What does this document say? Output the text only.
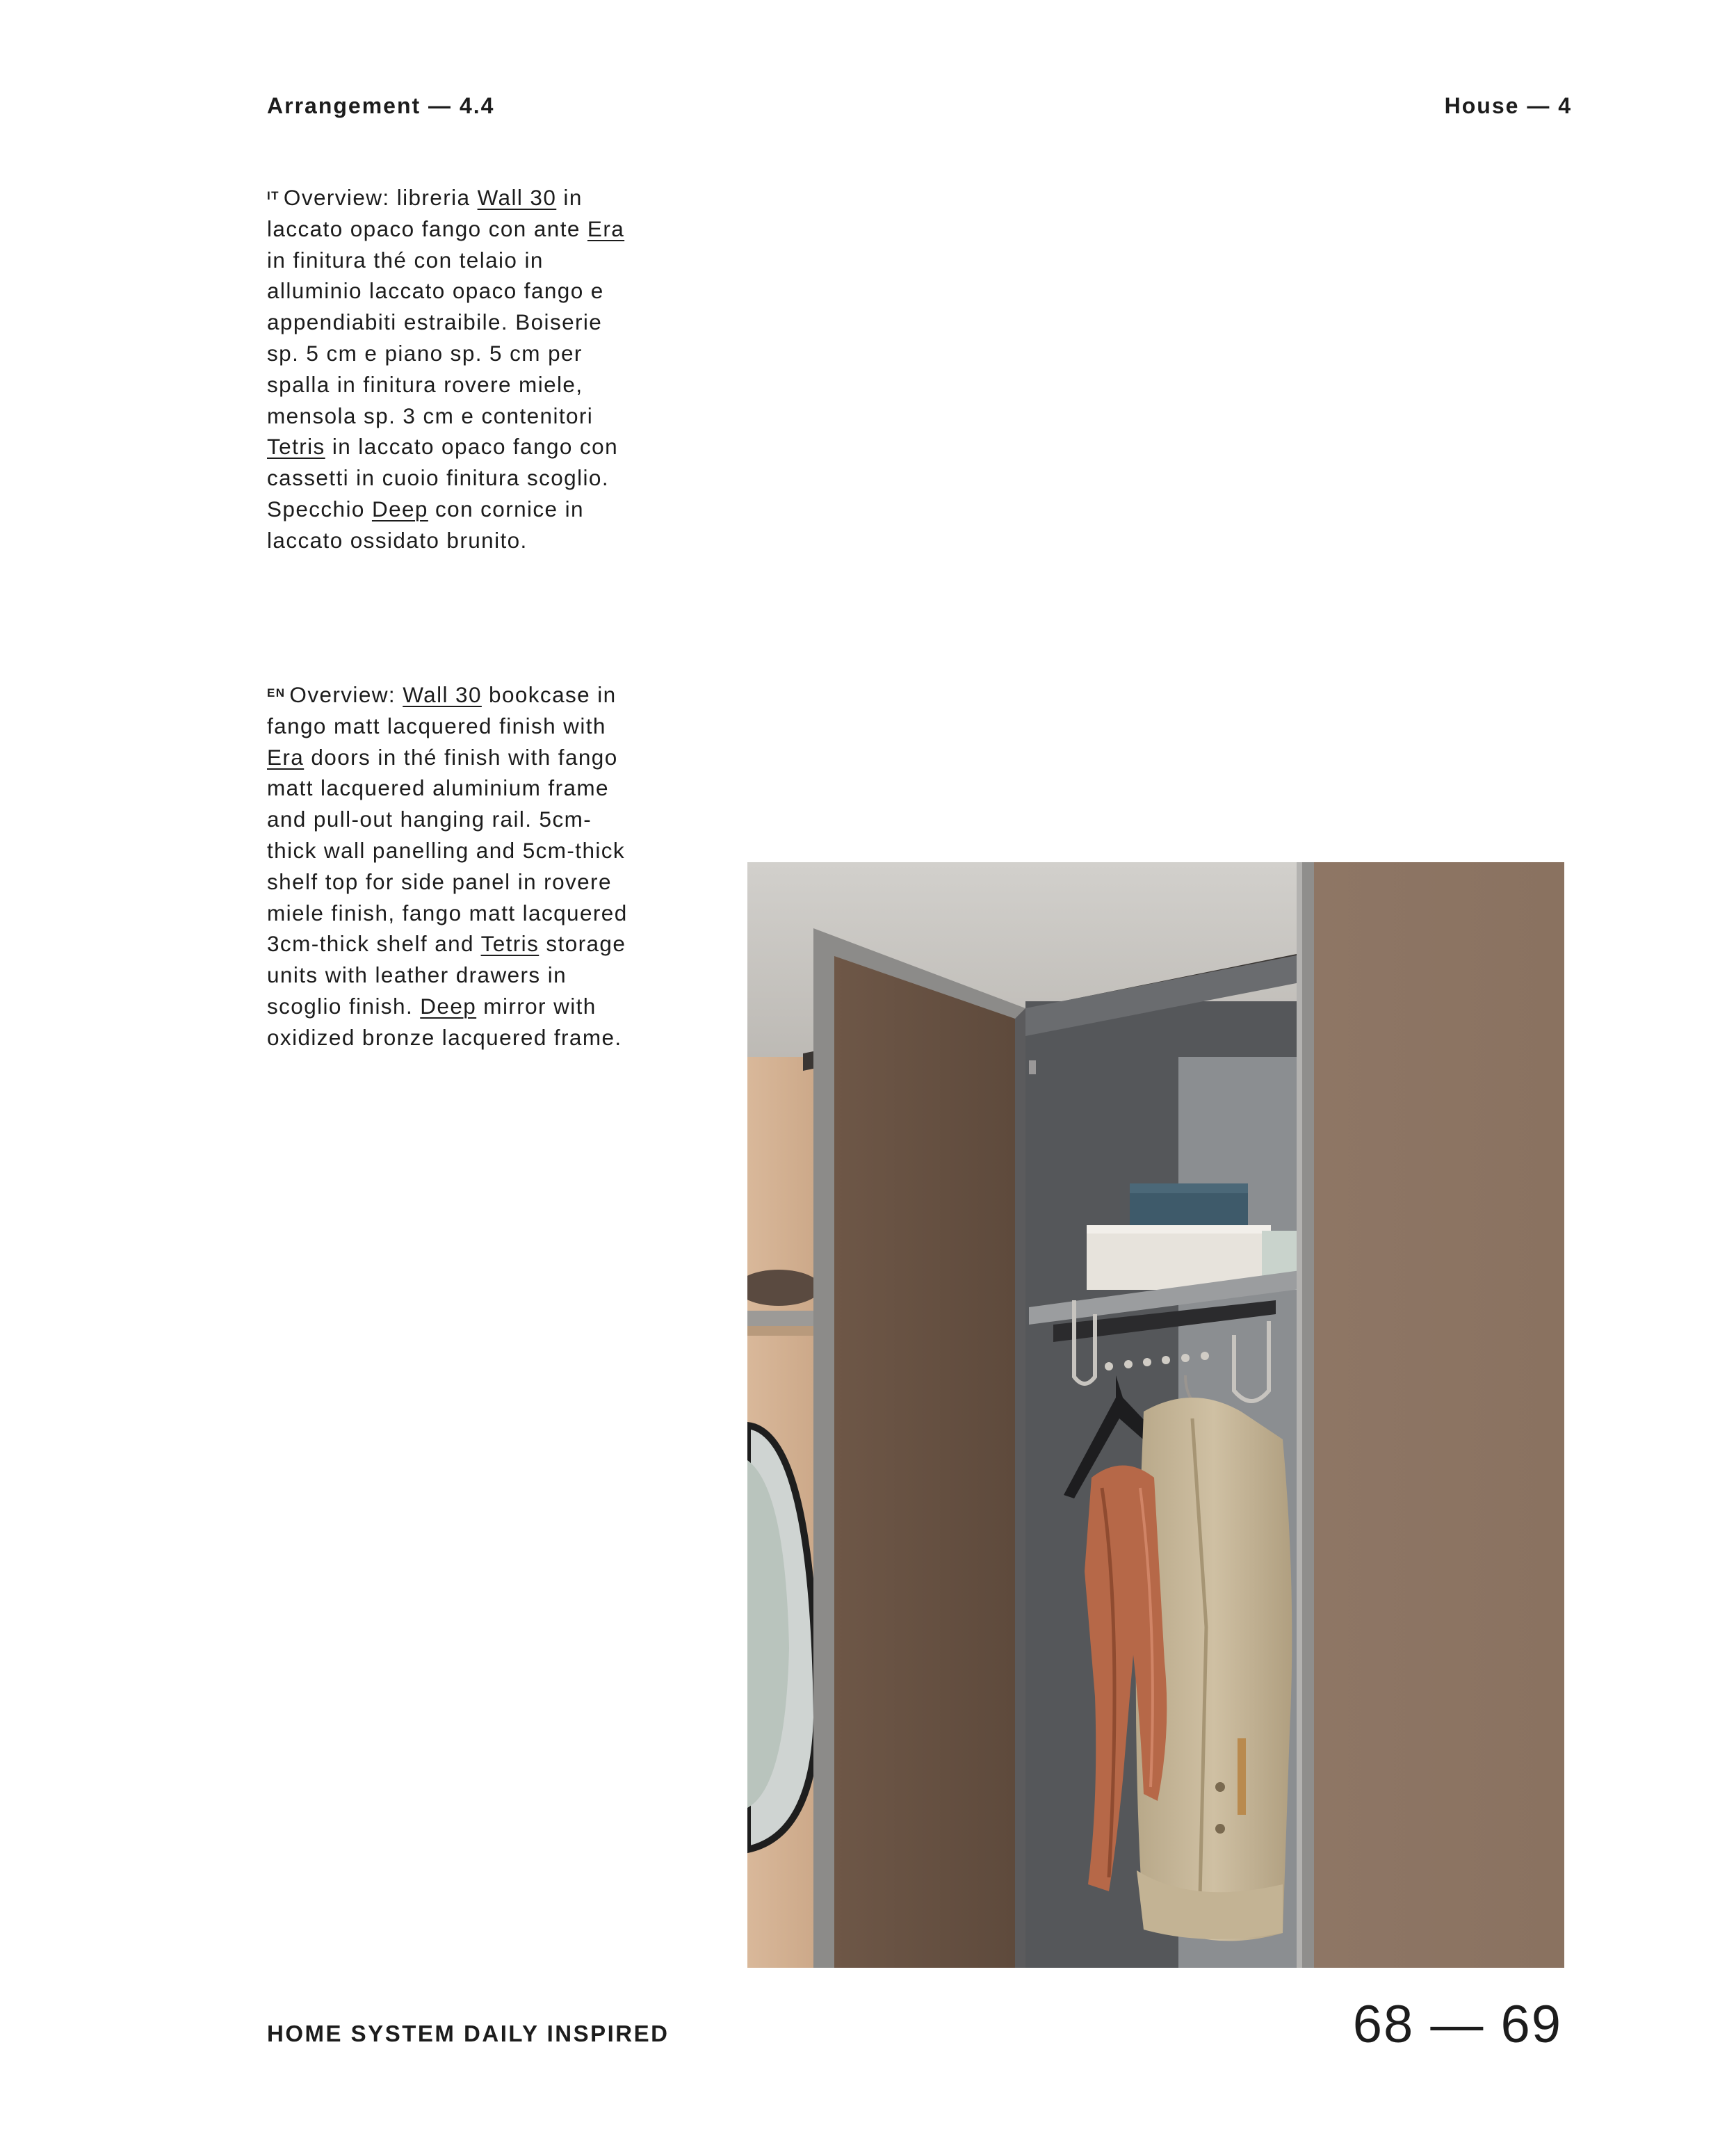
Arrangement — 4.4	House — 4

$^{IT}$ Overview: libreria Wall 30 in laccato opaco fango con ante Era in finitura thé con telaio in alluminio laccato opaco fango e appendiabiti estraibile. Boiserie sp. 5 cm e piano sp. 5 cm per spalla in finitura rovere miele, mensola sp. 3 cm e contenitori Tetris in laccato opaco fango con cassetti in cuoio finitura scoglio. Specchio Deep con cornice in laccato ossidato brunito.

$^{EN}$ Overview: Wall 30 bookcase in fango matt lacquered finish with Era doors in thé finish with fango matt lacquered aluminium frame and pull-out hanging rail. 5cm-thick wall panelling and 5cm-thick shelf top for side panel in rovere miele finish, fango matt lacquered 3cm-thick shelf and Tetris storage units with leather drawers in scoglio finish. Deep mirror with oxidized bronze lacquered frame.

HOME SYSTEM DAILY INSPIRED	68 — 69
